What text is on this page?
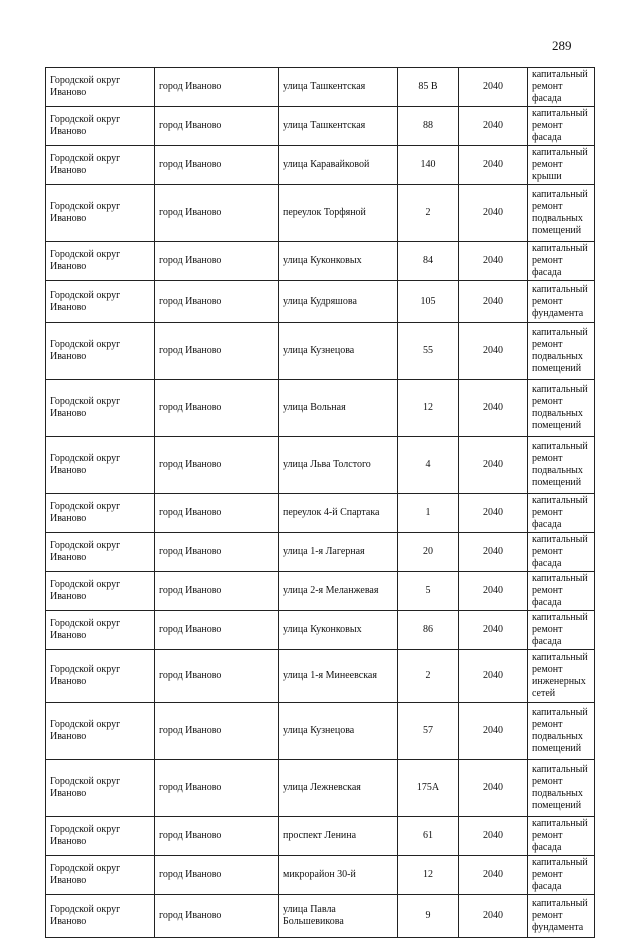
289
Городской округ Иваново	город Иваново	улица Ташкентская	85 В	2040	капитальный ремонт фасада
Городской округ Иваново	город Иваново	улица Ташкентская	88	2040	капитальный ремонт фасада
Городской округ Иваново	город Иваново	улица Каравайковой	140	2040	капитальный ремонт крыши
Городской округ Иваново	город Иваново	переулок Торфяной	2	2040	капитальный ремонт подвальных помещений
Городской округ Иваново	город Иваново	улица Куконковых	84	2040	капитальный ремонт фасада
Городской округ Иваново	город Иваново	улица Кудряшова	105	2040	капитальный ремонт фундамента
Городской округ Иваново	город Иваново	улица Кузнецова	55	2040	капитальный ремонт подвальных помещений
Городской округ Иваново	город Иваново	улица Вольная	12	2040	капитальный ремонт подвальных помещений
Городской округ Иваново	город Иваново	улица Льва Толстого	4	2040	капитальный ремонт подвальных помещений
Городской округ Иваново	город Иваново	переулок 4-й Спартака	1	2040	капитальный ремонт фасада
Городской округ Иваново	город Иваново	улица 1-я Лагерная	20	2040	капитальный ремонт фасада
Городской округ Иваново	город Иваново	улица 2-я Меланжевая	5	2040	капитальный ремонт фасада
Городской округ Иваново	город Иваново	улица Куконковых	86	2040	капитальный ремонт фасада
Городской округ Иваново	город Иваново	улица 1-я Минеевская	2	2040	капитальный ремонт инженерных сетей
Городской округ Иваново	город Иваново	улица Кузнецова	57	2040	капитальный ремонт подвальных помещений
Городской округ Иваново	город Иваново	улица Лежневская	175А	2040	капитальный ремонт подвальных помещений
Городской округ Иваново	город Иваново	проспект Ленина	61	2040	капитальный ремонт фасада
Городской округ Иваново	город Иваново	микрорайон 30-й	12	2040	капитальный ремонт фасада
Городской округ Иваново	город Иваново	улица Павла Большевикова	9	2040	капитальный ремонт фундамента
